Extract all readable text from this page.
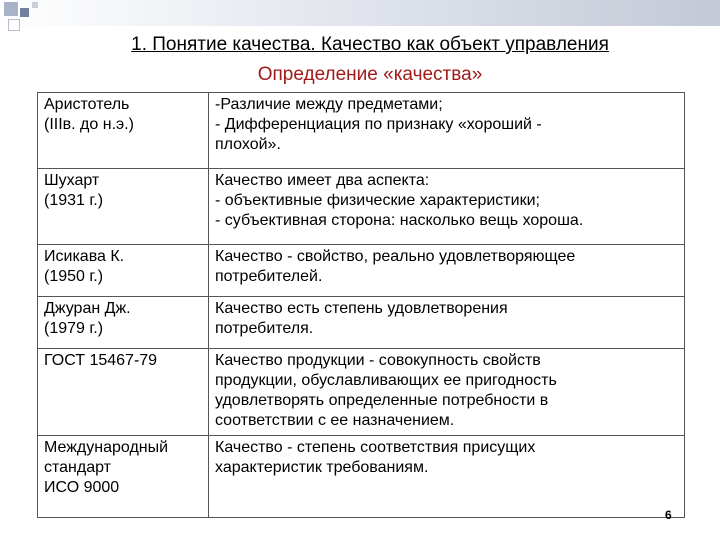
1. Понятие качества. Качество как объект управления
Определение «качества»
Аристотель
(IIIв. до н.э.)	-Различие между предметами;
- Дифференциация по признаку «хороший -
плохой».

Шухарт
(1931 г.)	Качество имеет два аспекта:
- объективные физические характеристики;
- субъективная сторона: насколько вещь хороша.

Исикава К.
(1950 г.)	Качество - свойство, реально удовлетворяющее
потребителей.

Джуран Дж.
(1979 г.)	Качество есть степень удовлетворения
потребителя.

ГОСТ 15467-79	Качество продукции - совокупность свойств
продукции, обуславливающих ее пригодность
удовлетворять определенные потребности в
соответствии с ее назначением.

Международный
стандарт
ИСО 9000	Качество - степень соответствия присущих
характеристик требованиям.
6
